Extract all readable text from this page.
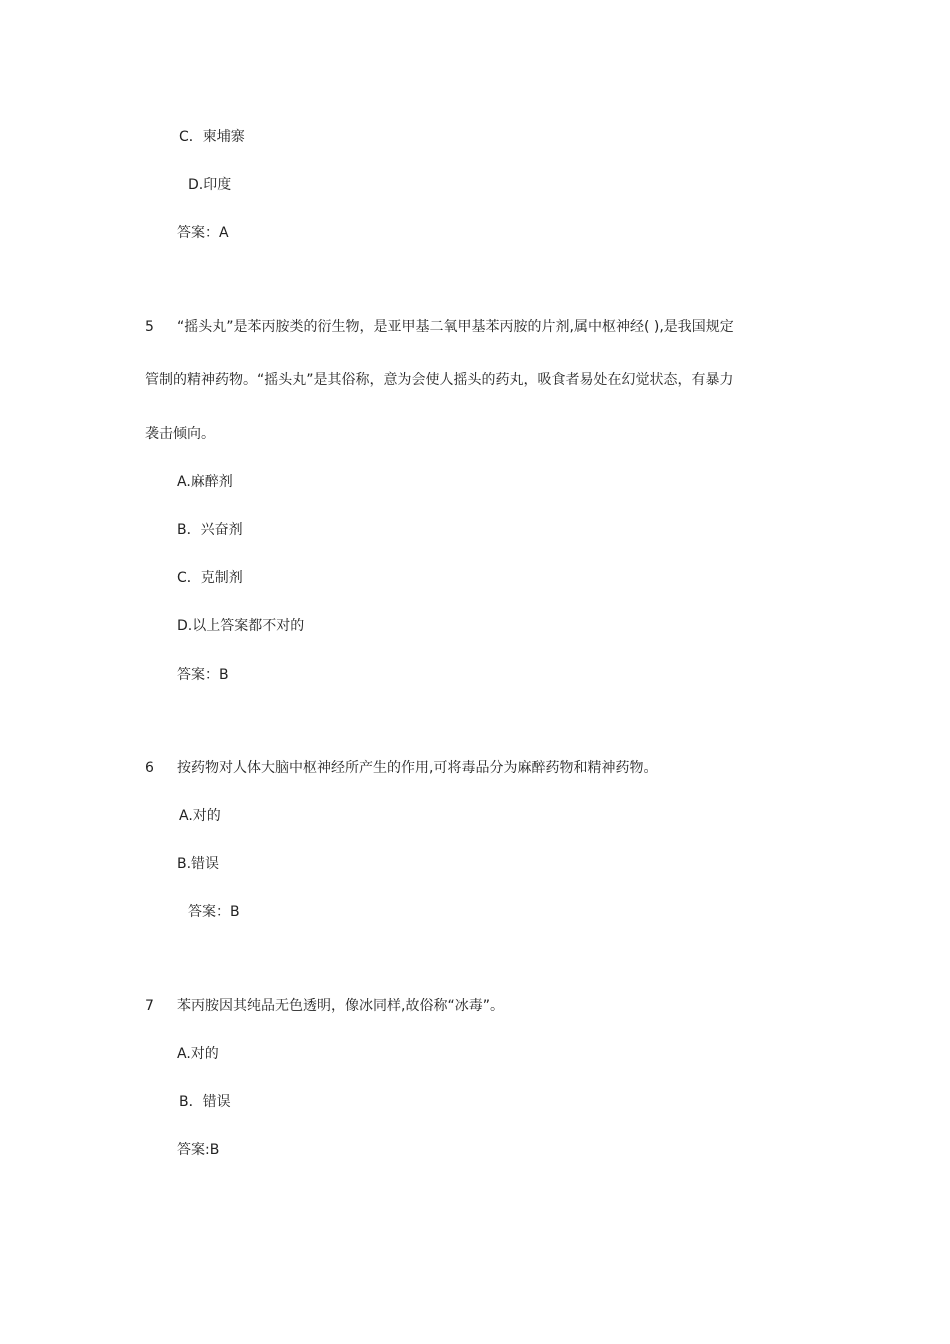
C．柬埔寨
D.印度
答案：A
5 “摇头丸”是苯丙胺类的衍生物，是亚甲基二氧甲基苯丙胺的片剂,属中枢神经( ),是我国规定
管制的精神药物。“摇头丸”是其俗称，意为会使人摇头的药丸，吸食者易处在幻觉状态，有暴力
袭击倾向。
A.麻醉剂
B．兴奋剂
C．克制剂
D.以上答案都不对的
答案：B
6 按药物对人体大脑中枢神经所产生的作用,可将毒品分为麻醉药物和精神药物。
A.对的
B.错误
答案：B
7 苯丙胺因其纯品无色透明，像冰同样,故俗称“冰毒”。
A.对的
B．错误
答案:B
